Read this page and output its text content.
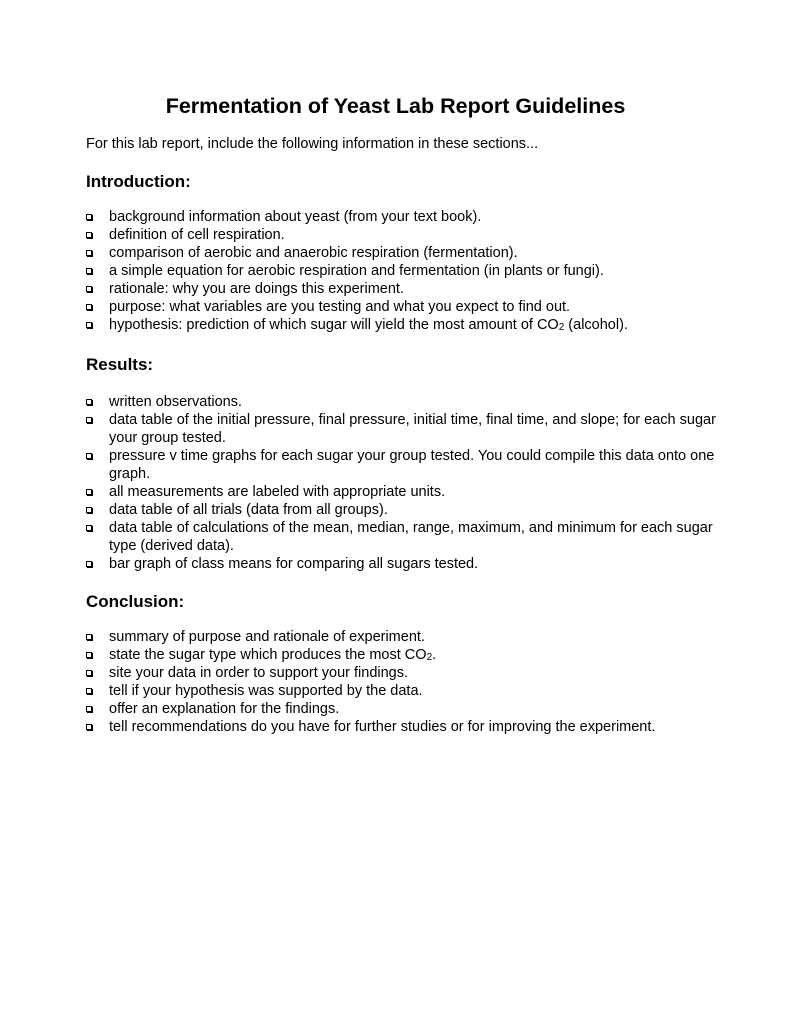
Fermentation of Yeast Lab Report Guidelines
For this lab report, include the following information in these sections...
Introduction:
background information about yeast (from your text book).
definition of cell respiration.
comparison of aerobic and anaerobic respiration (fermentation).
a simple equation for aerobic respiration and fermentation (in plants or fungi).
rationale: why you are doings this experiment.
purpose: what variables are you testing and what you expect to find out.
hypothesis: prediction of which sugar will yield the most amount of $CO_2$ (alcohol).
Results:
written observations.
data table of the initial pressure, final pressure, initial time, final time, and slope; for each sugar your group tested.
pressure v time graphs for each sugar your group tested. You could compile this data onto one graph.
all measurements are labeled with appropriate units.
data table of all trials (data from all groups).
data table of calculations of the mean, median, range, maximum, and minimum for each sugar type (derived data).
bar graph of class means for comparing all sugars tested.
Conclusion:
summary of purpose and rationale of experiment.
state the sugar type which produces the most $CO_2$.
site your data in order to support your findings.
tell if your hypothesis was supported by the data.
offer an explanation for the findings.
tell recommendations do you have for further studies or for improving the experiment.
